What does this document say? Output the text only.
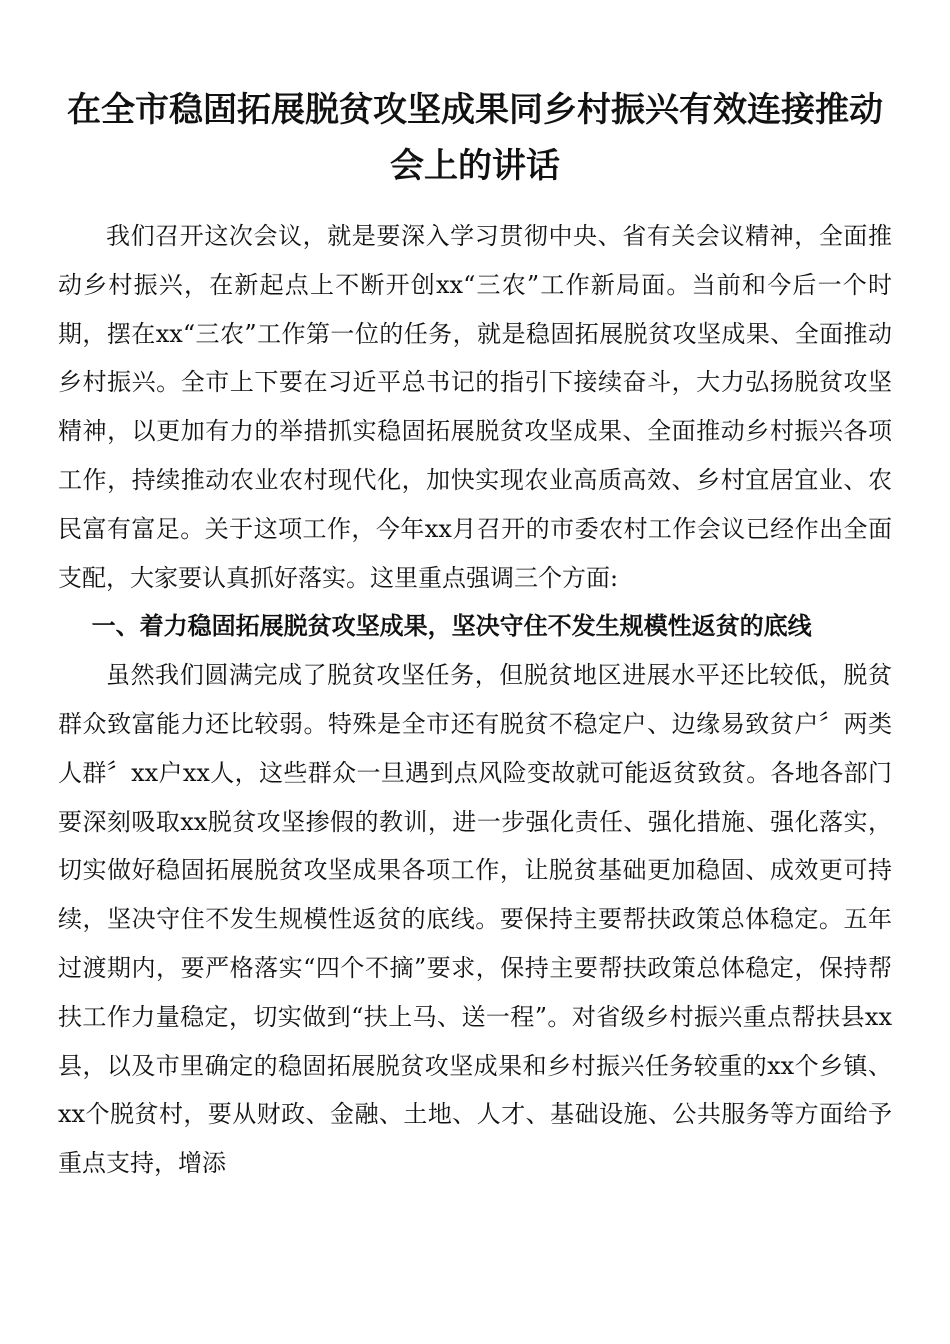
在全市稳固拓展脱贫攻坚成果同乡村振兴有效连接推动会上的讲话

我们召开这次会议，就是要深入学习贯彻中央、省有关会议精神，全面推动乡村振兴，在新起点上不断开创xx“三农”工作新局面。当前和今后一个时期，摆在xx“三农”工作第一位的任务，就是稳固拓展脱贫攻坚成果、全面推动乡村振兴。全市上下要在习近平总书记的指引下接续奋斗，大力弘扬脱贫攻坚精神，以更加有力的举措抓实稳固拓展脱贫攻坚成果、全面推动乡村振兴各项工作，持续推动农业农村现代化，加快实现农业高质高效、乡村宜居宜业、农民富有富足。关于这项工作，今年xx月召开的市委农村工作会议已经作出全面支配，大家要认真抓好落实。这里重点强调三个方面:

一、着力稳固拓展脱贫攻坚成果，坚决守住不发生规模性返贫的底线

虽然我们圆满完成了脱贫攻坚任务，但脱贫地区进展水平还比较低，脱贫群众致富能力还比较弱。特殊是全市还有脱贫不稳定户、边缘易致贫户〞两类人群〞xx户xx人，这些群众一旦遇到点风险变故就可能返贫致贫。各地各部门要深刻吸取xx脱贫攻坚掺假的教训，进一步强化责任、强化措施、强化落实，切实做好稳固拓展脱贫攻坚成果各项工作，让脱贫基础更加稳固、成效更可持续，坚决守住不发生规模性返贫的底线。要保持主要帮扶政策总体稳定。五年过渡期内，要严格落实“四个不摘”要求，保持主要帮扶政策总体稳定，保持帮扶工作力量稳定，切实做到“扶上马、送一程”。对省级乡村振兴重点帮扶县xx县，以及市里确定的稳固拓展脱贫攻坚成果和乡村振兴任务较重的xx个乡镇、xx个脱贫村，要从财政、金融、土地、人才、基础设施、公共服务等方面给予重点支持，增添
